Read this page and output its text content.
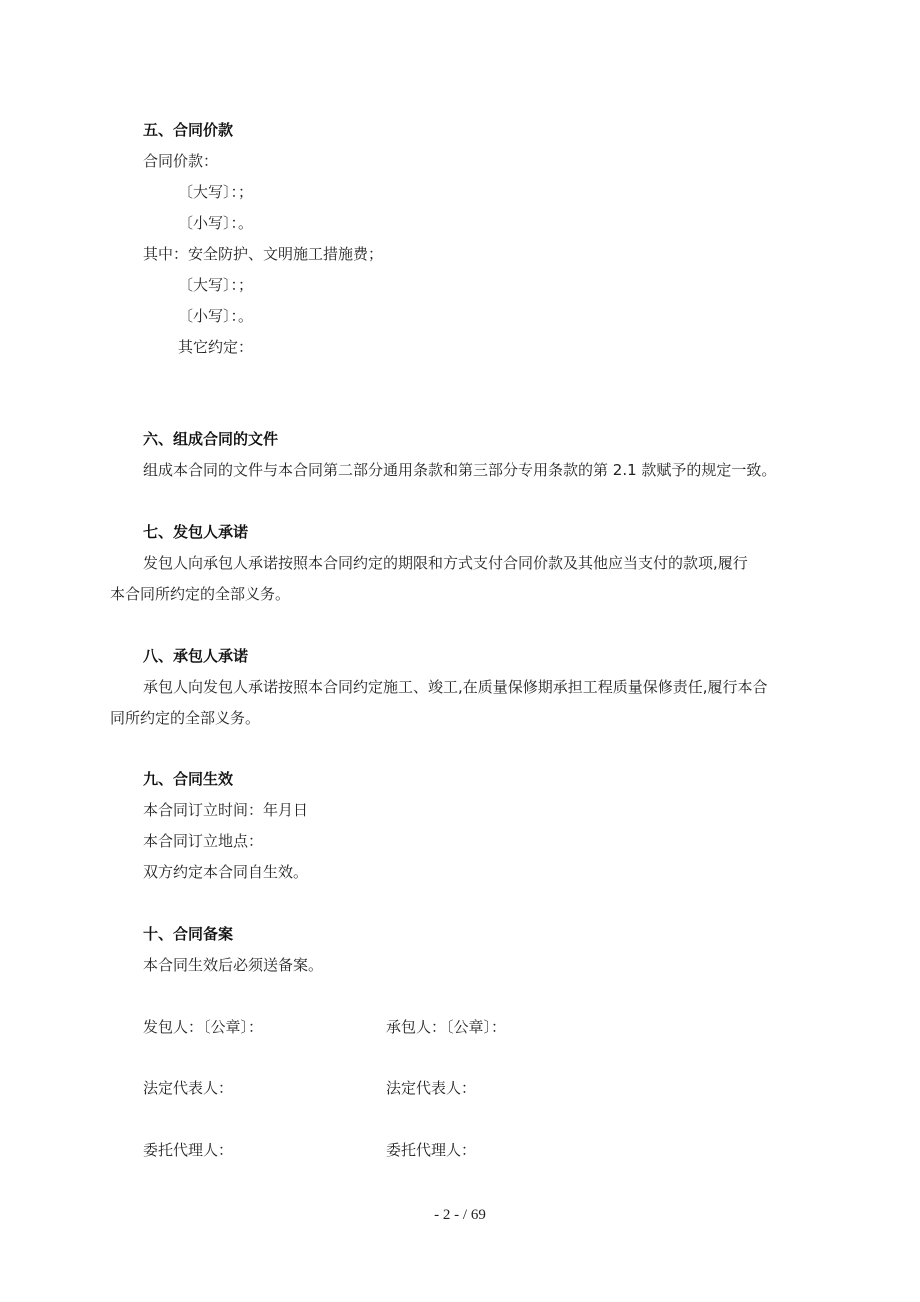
五、合同价款
合同价款：
〔大写〕：；
〔小写〕：。
其中：安全防护、文明施工措施费；
〔大写〕：；
〔小写〕：。
其它约定：
六、组成合同的文件
组成本合同的文件与本合同第二部分通用条款和第三部分专用条款的第 2.1 款赋予的规定一致。
七、发包人承诺
发包人向承包人承诺按照本合同约定的期限和方式支付合同价款及其他应当支付的款项,履行
本合同所约定的全部义务。
八、承包人承诺
承包人向发包人承诺按照本合同约定施工、竣工,在质量保修期承担工程质量保修责任,履行本合
同所约定的全部义务。
九、合同生效
本合同订立时间：年月日
本合同订立地点：
双方约定本合同自生效。
十、合同备案
本合同生效后必须送备案。
发包人：〔公章〕：	承包人：〔公章〕：
法定代表人：	法定代表人：
委托代理人：	委托代理人：
- 2 - / 69
